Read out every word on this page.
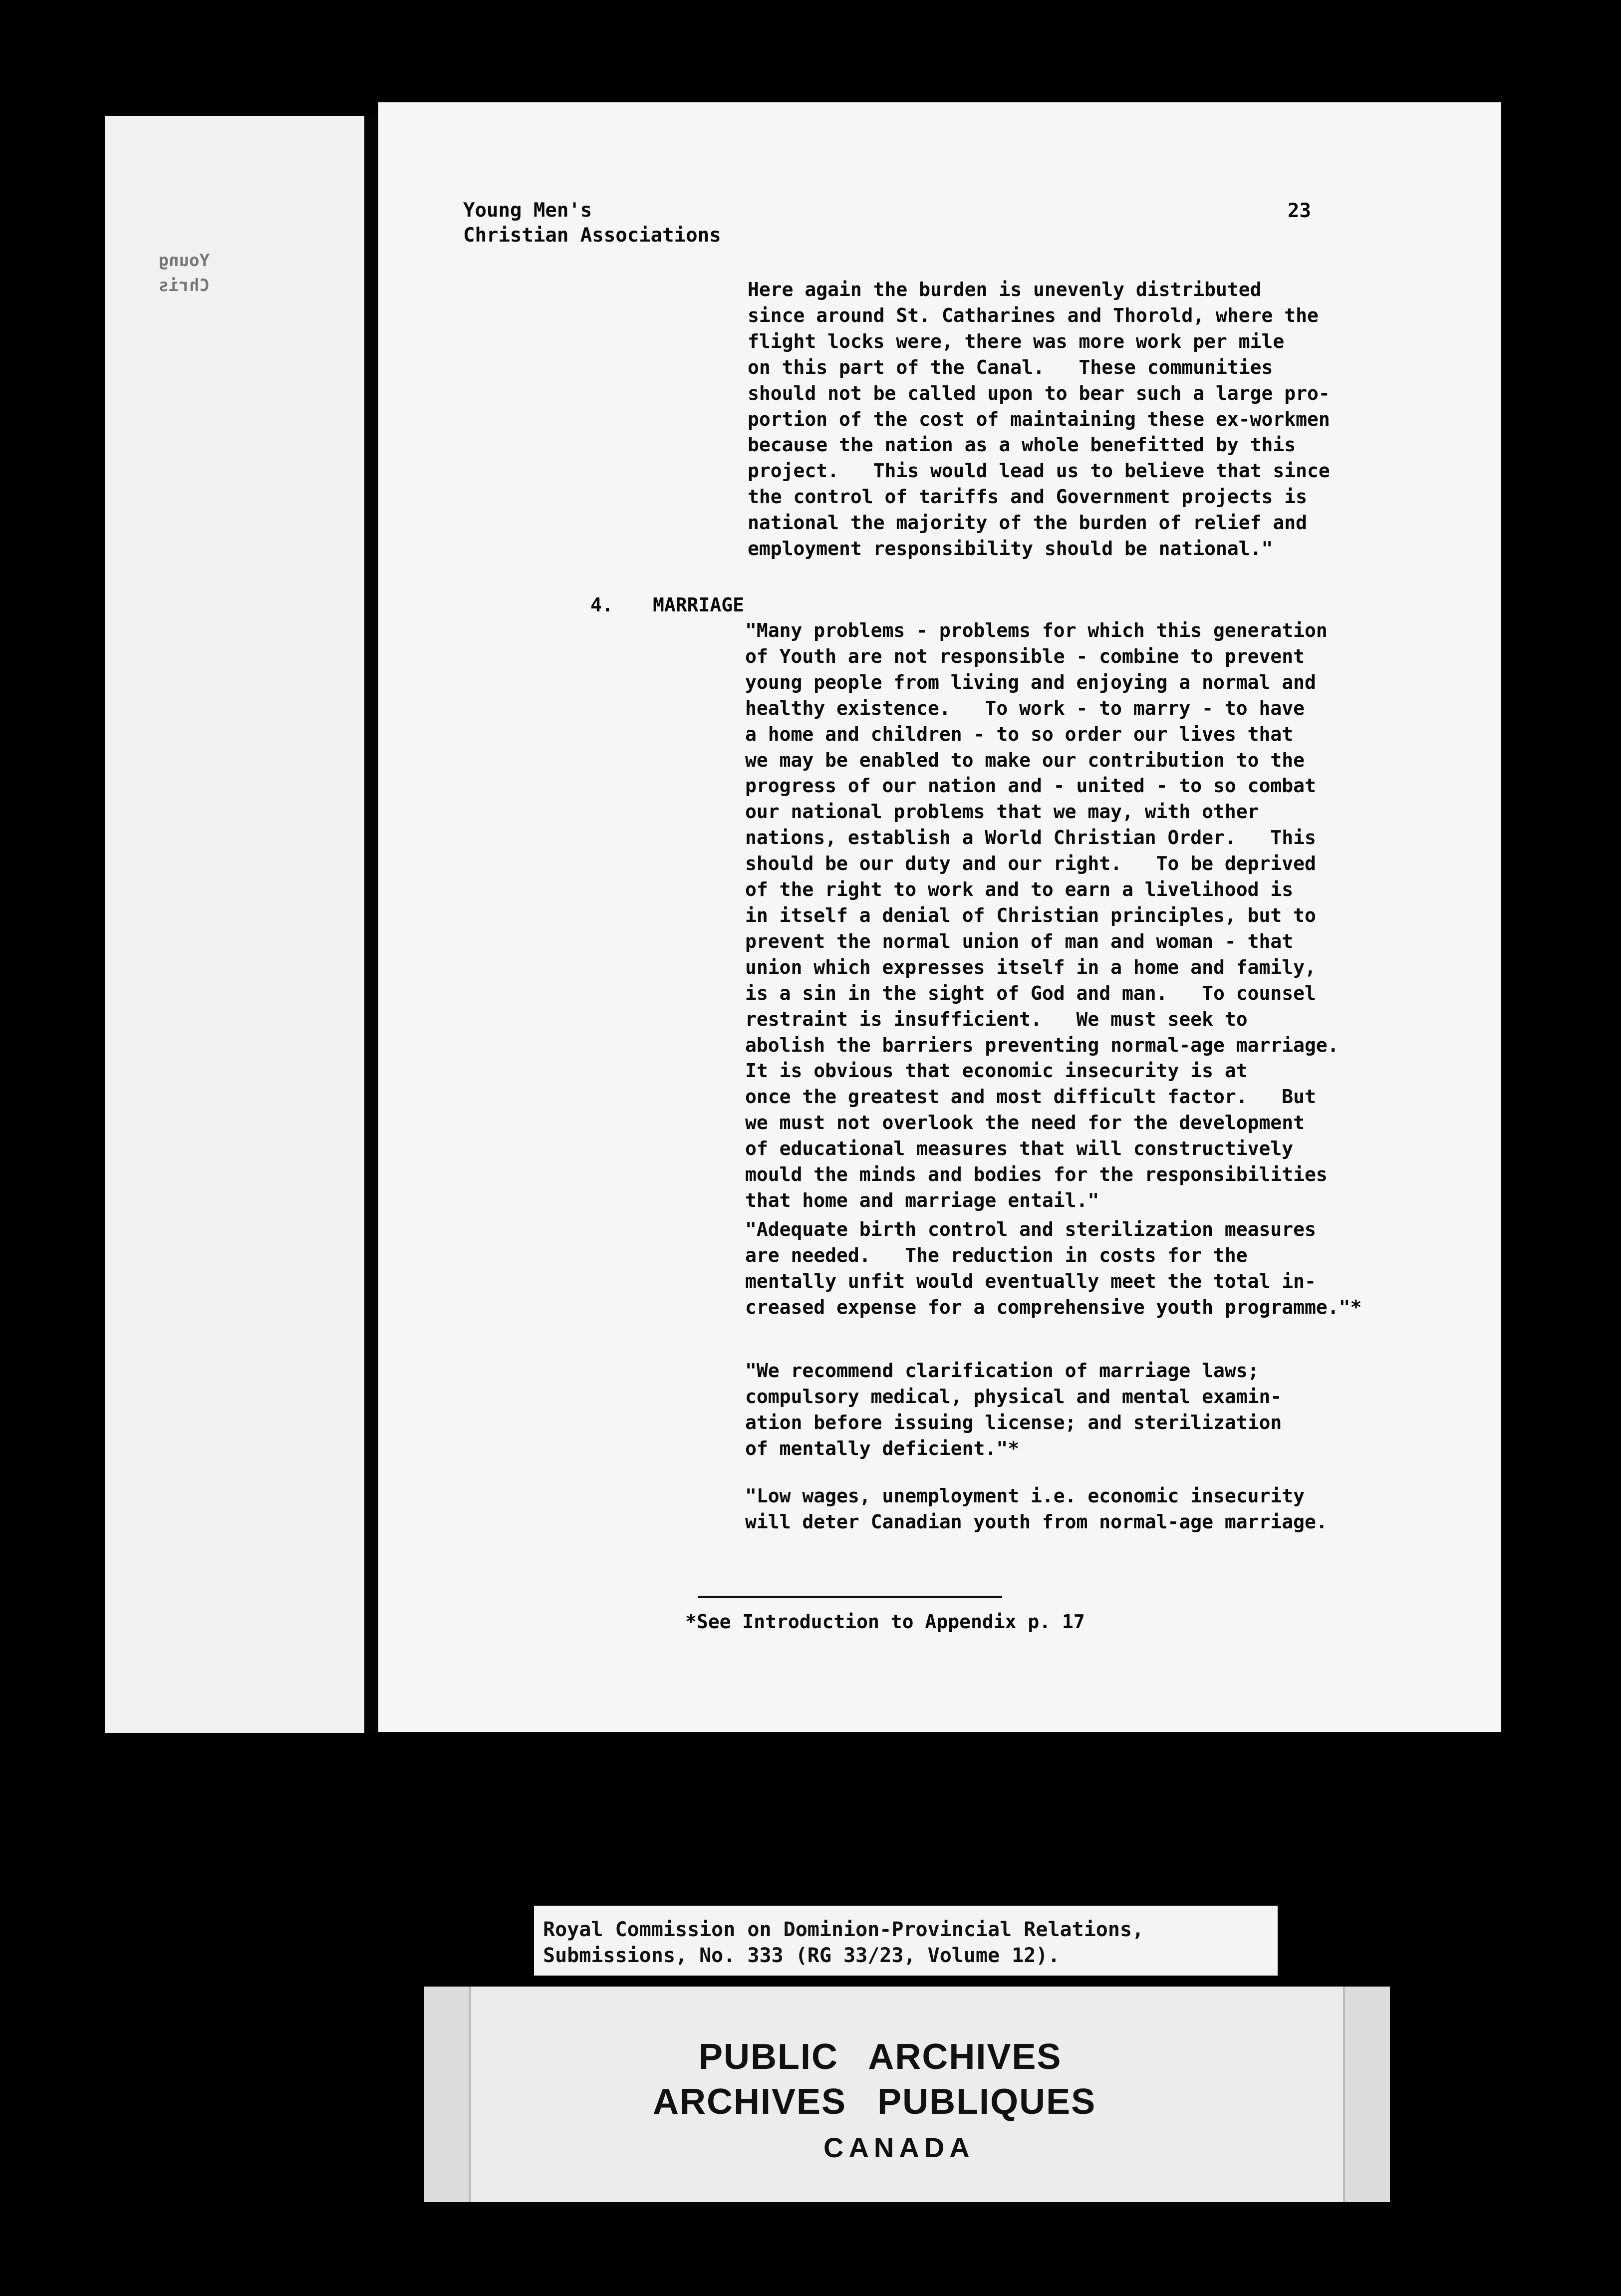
Young
Chris
Young Men's
Christian Associations
23
Here again the burden is unevenly distributed
since around St. Catharines and Thorold, where the
flight locks were, there was more work per mile
on this part of the Canal.   These communities
should not be called upon to bear such a large pro-
portion of the cost of maintaining these ex-workmen
because the nation as a whole benefitted by this
project.   This would lead us to believe that since
the control of tariffs and Government projects is
national the majority of the burden of relief and
employment responsibility should be national."
4. MARRIAGE
"Many problems - problems for which this generation
of Youth are not responsible - combine to prevent
young people from living and enjoying a normal and
healthy existence.   To work - to marry - to have
a home and children - to so order our lives that
we may be enabled to make our contribution to the
progress of our nation and - united - to so combat
our national problems that we may, with other
nations, establish a World Christian Order.   This
should be our duty and our right.   To be deprived
of the right to work and to earn a livelihood is
in itself a denial of Christian principles, but to
prevent the normal union of man and woman - that
union which expresses itself in a home and family,
is a sin in the sight of God and man.   To counsel
restraint is insufficient.   We must seek to
abolish the barriers preventing normal-age marriage.
It is obvious that economic insecurity is at
once the greatest and most difficult factor.   But
we must not overlook the need for the development
of educational measures that will constructively
mould the minds and bodies for the responsibilities
that home and marriage entail."
"Adequate birth control and sterilization measures
are needed.   The reduction in costs for the
mentally unfit would eventually meet the total in-
creased expense for a comprehensive youth programme."*
"We recommend clarification of marriage laws;
compulsory medical, physical and mental examin-
ation before issuing license; and sterilization
of mentally deficient."*
"Low wages, unemployment i.e. economic insecurity
will deter Canadian youth from normal-age marriage.
*See Introduction to Appendix p. 17
Royal Commission on Dominion-Provincial Relations,
Submissions, No. 333 (RG 33/23, Volume 12).
PUBLIC ARCHIVES
ARCHIVES PUBLIQUES
CANADA
